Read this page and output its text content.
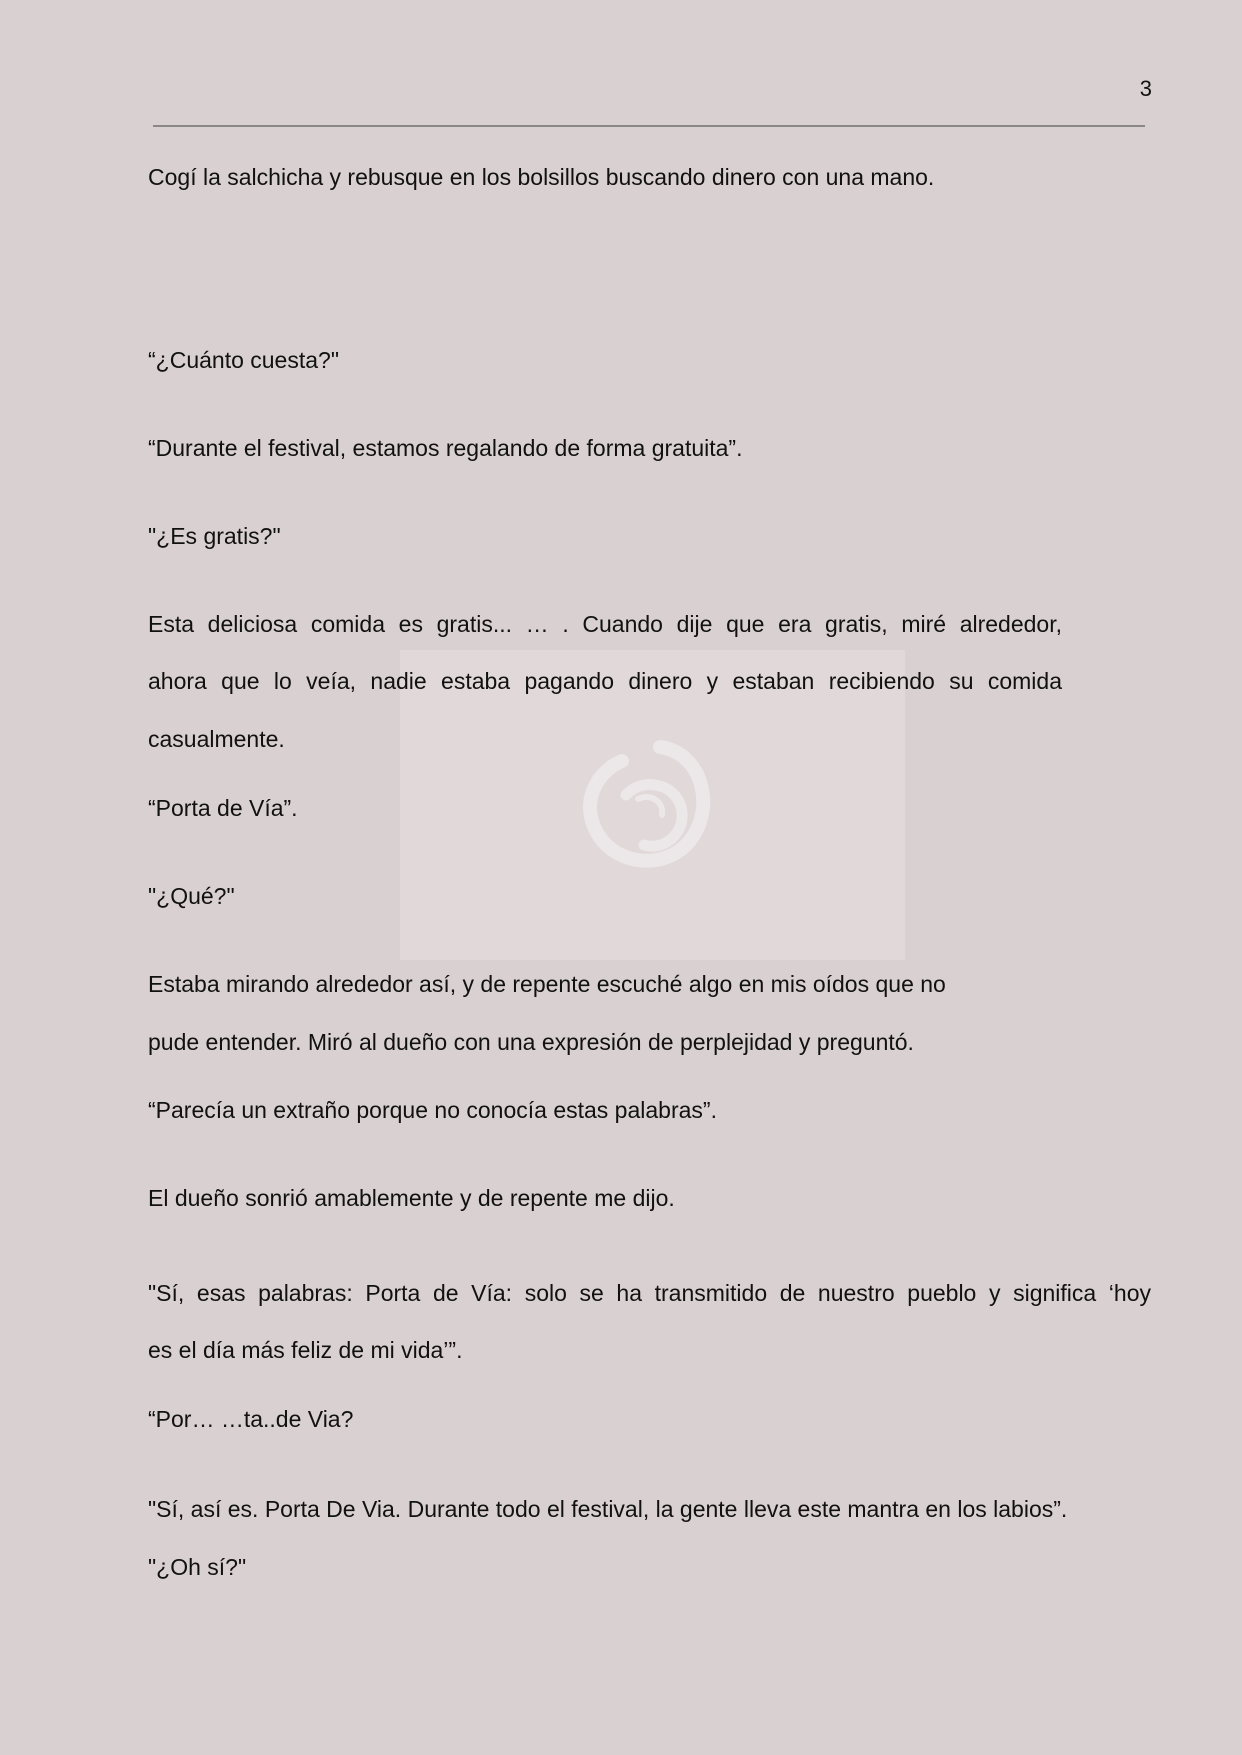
3

Cogí la salchicha y rebusque en los bolsillos buscando dinero con una mano.

“¿Cuánto cuesta?"

“Durante el festival, estamos regalando de forma gratuita”.

"¿Es gratis?"

Esta deliciosa comida es gratis... … . Cuando dije que era gratis, miré alrededor,

ahora que lo veía, nadie estaba pagando dinero y estaban recibiendo su comida

casualmente.

“Porta de Vía”.

"¿Qué?"

Estaba mirando alrededor así, y de repente escuché algo en mis oídos que no

pude entender. Miró al dueño con una expresión de perplejidad y preguntó.

“Parecía un extraño porque no conocía estas palabras”.

El dueño sonrió amablemente y de repente me dijo.

"Sí, esas palabras: Porta de Vía: solo se ha transmitido de nuestro pueblo y significa ‘hoy

es el día más feliz de mi vida’”.

“Por… …ta..de Via?

"Sí, así es. Porta De Via. Durante todo el festival, la gente lleva este mantra en los labios”.

"¿Oh sí?"
